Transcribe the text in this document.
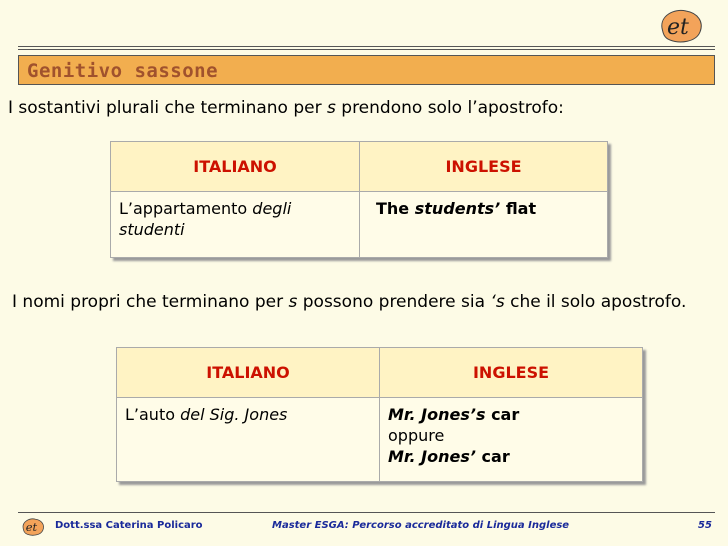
et
Genitivo sassone
I sostantivi plurali che terminano per s prendono solo l’apostrofo:
ITALIANO	INGLESE
L’appartamento degli studenti	The students’ flat
I nomi propri che terminano per s possono prendere sia ‘s che il solo apostrofo.
ITALIANO	INGLESE
L’auto del Sig. Jones	Mr. Jones’s car
oppure
Mr. Jones’ car
et Dott.ssa Caterina Policaro	Master ESGA: Percorso accreditato di Lingua Inglese	55
